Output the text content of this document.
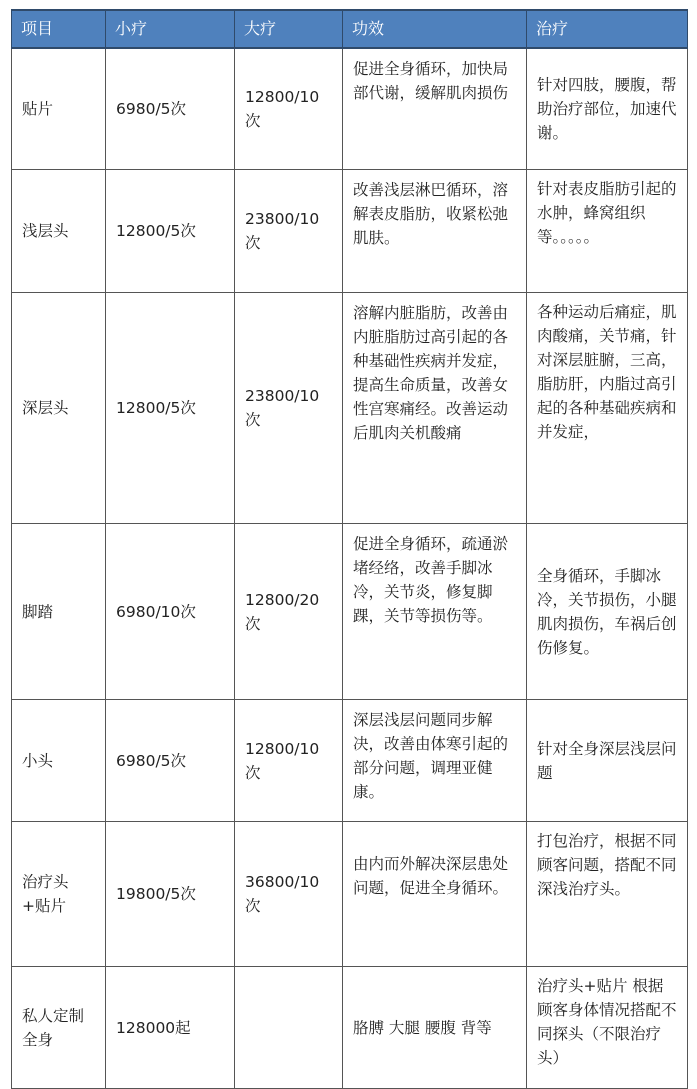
项目	小疗	大疗	功效	治疗
贴片	6980/5次	12800/10次	促进全身循环，加快局部代谢，缓解肌肉损伤	针对四肢，腰腹，帮助治疗部位，加速代谢。
浅层头	12800/5次	23800/10次	改善浅层淋巴循环，溶解表皮脂肪，收紧松弛肌肤。	针对表皮脂肪引起的水肿，蜂窝组织等。。。。。
深层头	12800/5次	23800/10次	溶解内脏脂肪，改善由内脏脂肪过高引起的各种基础性疾病并发症，提高生命质量，改善女性宫寒痛经。改善运动后肌肉关机酸痛	各种运动后痛症，肌肉酸痛，关节痛，针对深层脏腑，三高，脂肪肝，内脂过高引起的各种基础疾病和并发症，
脚踏	6980/10次	12800/20次	促进全身循环，疏通淤堵经络，改善手脚冰冷，关节炎，修复脚踝，关节等损伤等。	全身循环，手脚冰冷，关节损伤，小腿肌肉损伤，车祸后创伤修复。
小头	6980/5次	12800/10次	深层浅层问题同步解决，改善由体寒引起的部分问题，调理亚健康。	针对全身深层浅层问题
治疗头+贴片	19800/5次	36800/10次	由内而外解决深层患处问题，促进全身循环。	打包治疗，根据不同顾客问题，搭配不同深浅治疗头。
私人定制全身	128000起		胳膊 大腿 腰腹 背等	治疗头+贴片 根据顾客身体情况搭配不同探头（不限治疗头）
